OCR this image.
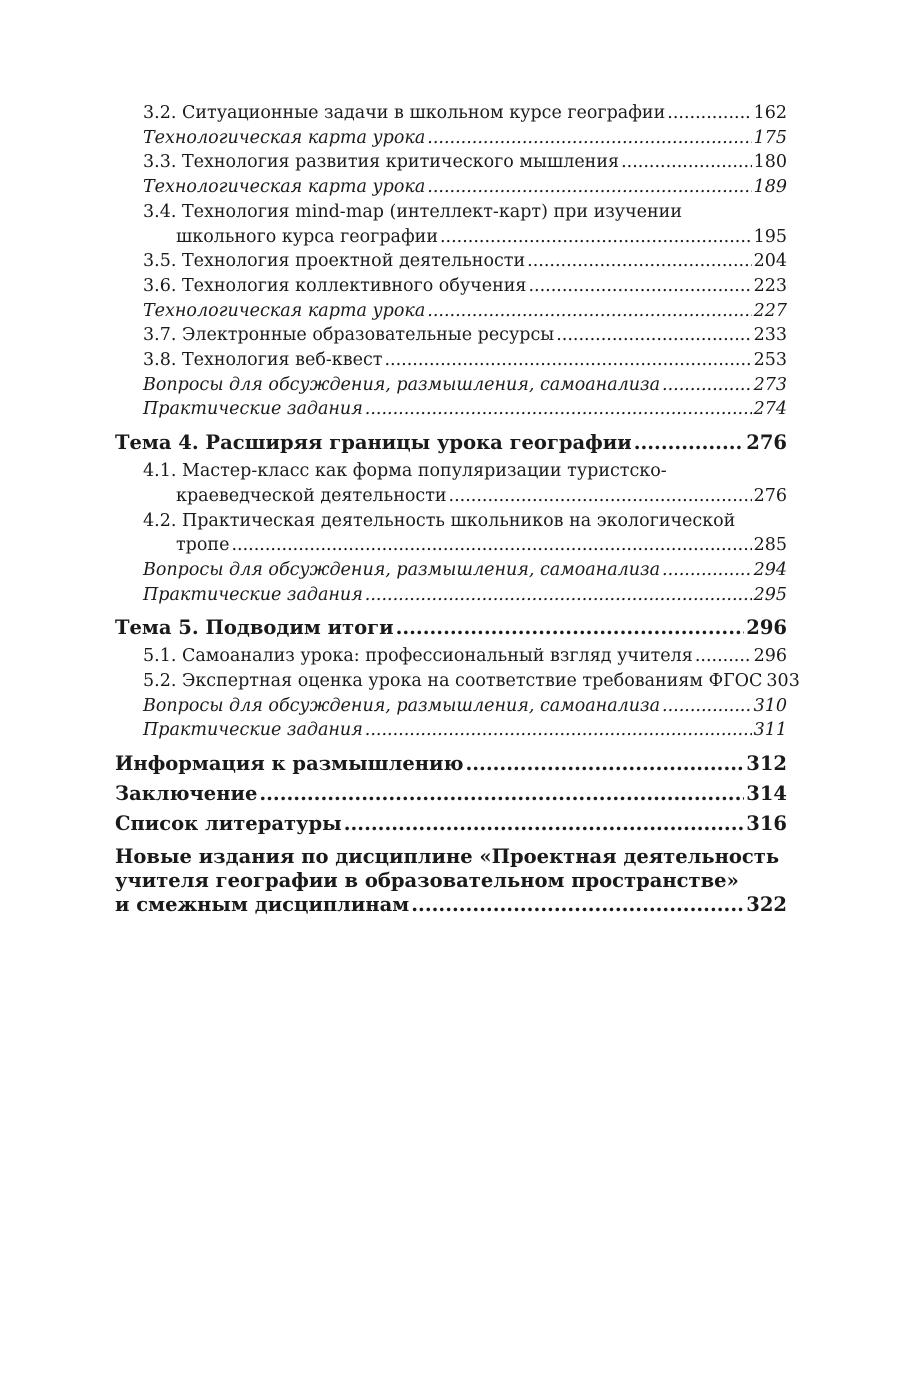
3.2. Ситуационные задачи в школьном курсе географии .....	162
Технологическая карта урока .....	175
3.3. Технология развития критического мышления .....	180
Технологическая карта урока .....	189
3.4. Технология mind-map (интеллект-карт) при изучении
школьного курса географии .....	195
3.5. Технология проектной деятельности .....	204
3.6. Технология коллективного обучения .....	223
Технологическая карта урока .....	227
3.7. Электронные образовательные ресурсы .....	233
3.8. Технология веб-квест .....	253
Вопросы для обсуждения, размышления, самоанализа .....	273
Практические задания .....	274
Тема 4. Расширяя границы урока географии .....	276
4.1. Мастер-класс как форма популяризации туристско-
краеведческой деятельности .....	276
4.2. Практическая деятельность школьников на экологической
тропе .....	285
Вопросы для обсуждения, размышления, самоанализа .....	294
Практические задания .....	295
Тема 5. Подводим итоги .....	296
5.1. Самоанализ урока: профессиональный взгляд учителя .....	296
5.2. Экспертная оценка урока на соответствие требованиям ФГОС 303
Вопросы для обсуждения, размышления, самоанализа .....	310
Практические задания .....	311
Информация к размышлению .....	312
Заключение .....	314
Список литературы .....	316
Новые издания по дисциплине «Проектная деятельность
учителя географии в образовательном пространстве»
и смежным дисциплинам .....	322
